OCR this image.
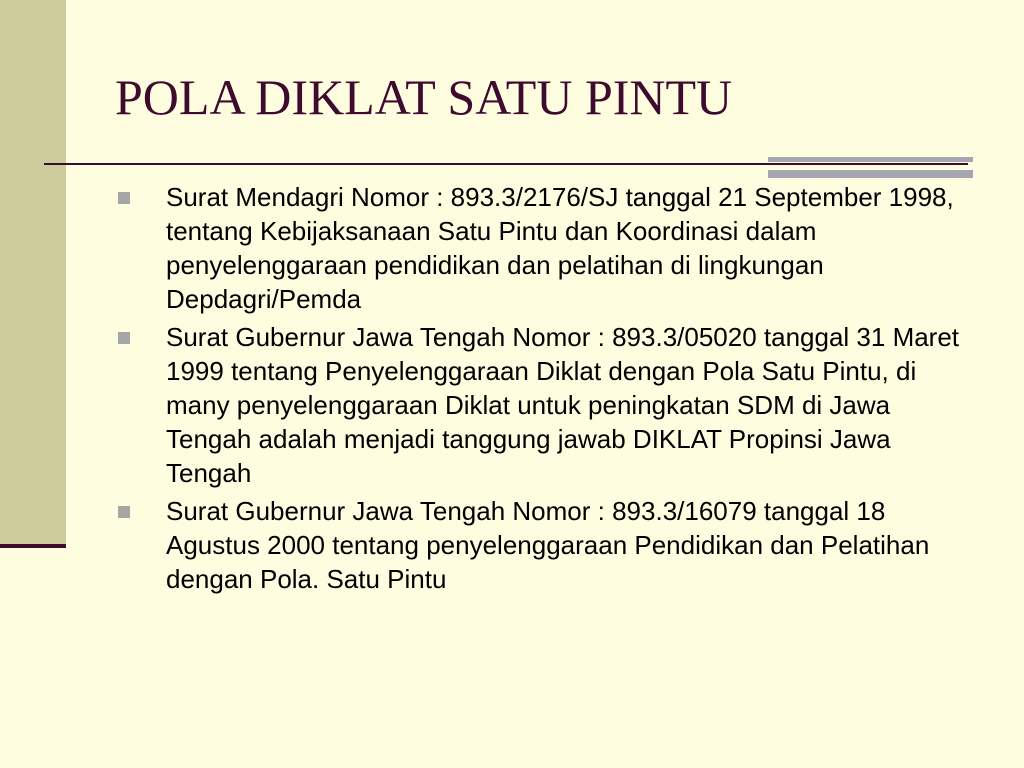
POLA DIKLAT SATU PINTU
Surat Mendagri Nomor : 893.3/2176/SJ tanggal 21 September 1998, tentang Kebijaksanaan Satu Pintu dan Koordinasi dalam penyelenggaraan pendidikan dan pelatihan di lingkungan Depdagri/Pemda
Surat Gubernur Jawa Tengah Nomor : 893.3/05020 tanggal 31 Maret 1999 tentang Penyelenggaraan Diklat dengan Pola Satu Pintu, di many penyelenggaraan Diklat untuk peningkatan SDM di Jawa Tengah adalah menjadi tanggung jawab DIKLAT Propinsi Jawa Tengah
Surat Gubernur Jawa Tengah Nomor : 893.3/16079 tanggal 18 Agustus 2000 tentang penyelenggaraan Pendidikan dan Pelatihan dengan Pola. Satu Pintu
